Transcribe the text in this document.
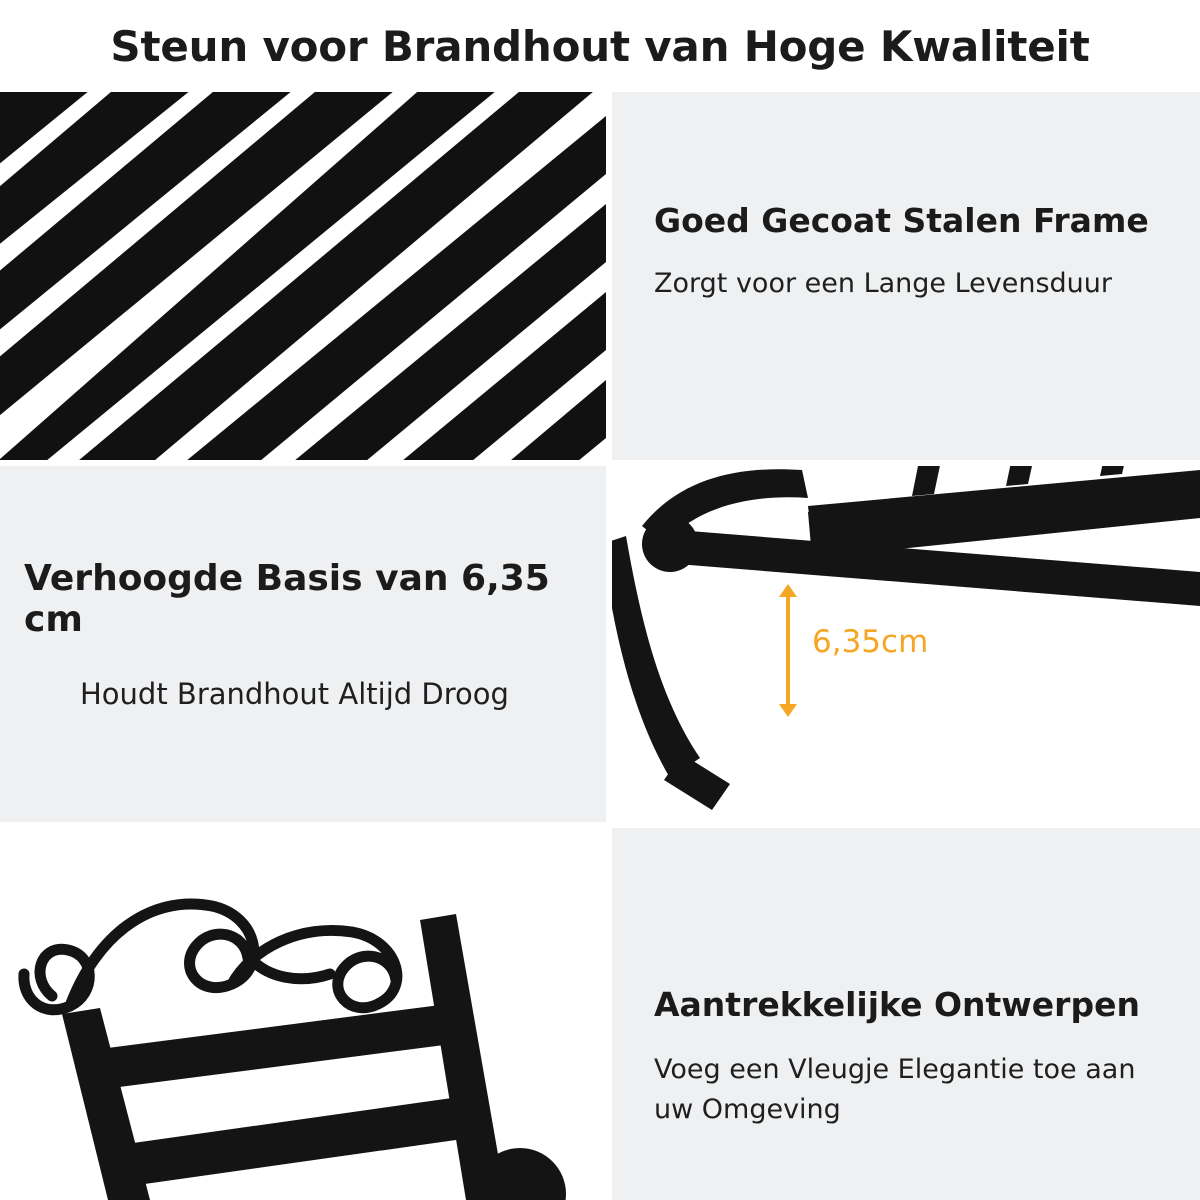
Steun voor Brandhout van Hoge Kwaliteit
Goed Gecoat Stalen Frame

Zorgt voor een Lange Levensduur

Verhoogde Basis van 6,35 cm

Houdt Brandhout Altijd Droog

6,35cm
Aantrekkelijke Ontwerpen

Voeg een Vleugje Elegantie toe aan uw Omgeving
